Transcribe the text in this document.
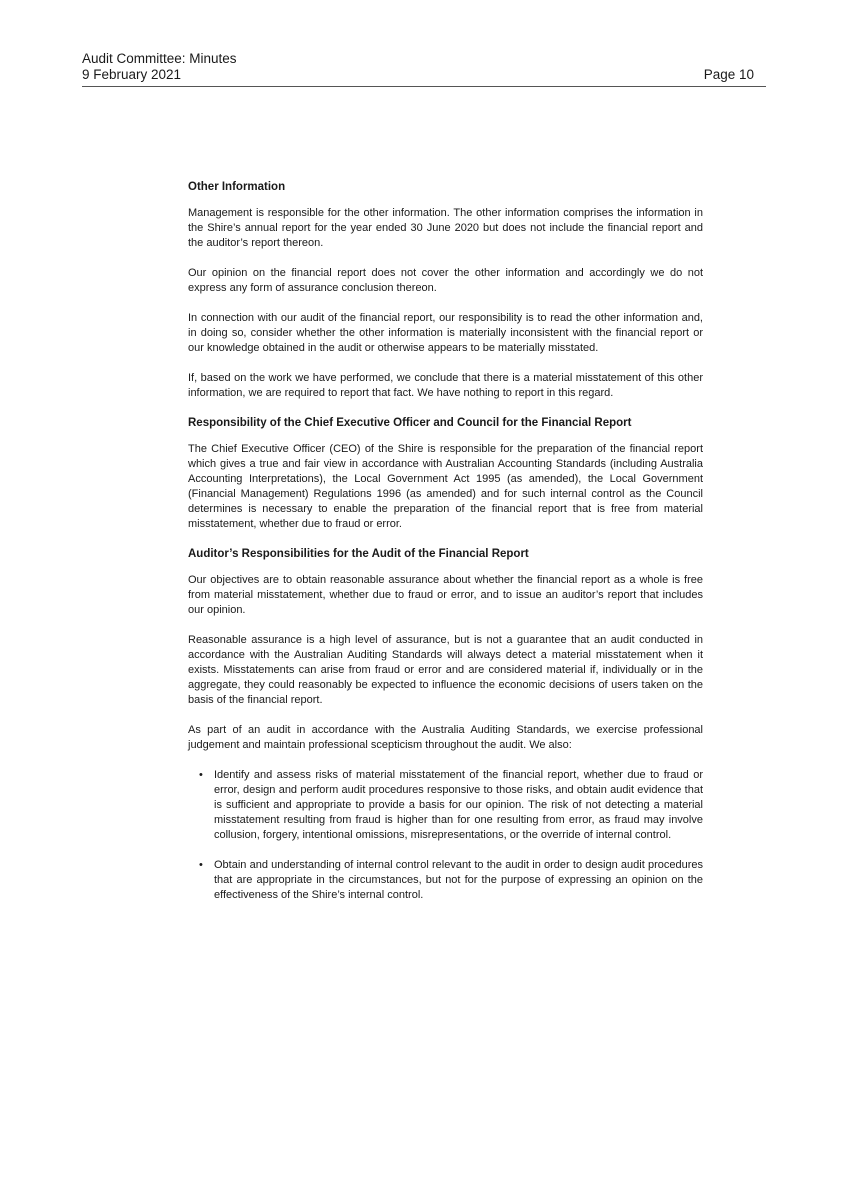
Audit Committee: Minutes
9 February 2021	Page 10
Other Information

Management is responsible for the other information. The other information comprises the information in the Shire’s annual report for the year ended 30 June 2020 but does not include the financial report and the auditor’s report thereon.

Our opinion on the financial report does not cover the other information and accordingly we do not express any form of assurance conclusion thereon.

In connection with our audit of the financial report, our responsibility is to read the other information and, in doing so, consider whether the other information is materially inconsistent with the financial report or our knowledge obtained in the audit or otherwise appears to be materially misstated.

If, based on the work we have performed, we conclude that there is a material misstatement of this other information, we are required to report that fact. We have nothing to report in this regard.

Responsibility of the Chief Executive Officer and Council for the Financial Report

The Chief Executive Officer (CEO) of the Shire is responsible for the preparation of the financial report which gives a true and fair view in accordance with Australian Accounting Standards (including Australia Accounting Interpretations), the Local Government Act 1995 (as amended), the Local Government (Financial Management) Regulations 1996 (as amended) and for such internal control as the Council determines is necessary to enable the preparation of the financial report that is free from material misstatement, whether due to fraud or error.

Auditor’s Responsibilities for the Audit of the Financial Report

Our objectives are to obtain reasonable assurance about whether the financial report as a whole is free from material misstatement, whether due to fraud or error, and to issue an auditor’s report that includes our opinion.

Reasonable assurance is a high level of assurance, but is not a guarantee that an audit conducted in accordance with the Australian Auditing Standards will always detect a material misstatement when it exists. Misstatements can arise from fraud or error and are considered material if, individually or in the aggregate, they could reasonably be expected to influence the economic decisions of users taken on the basis of the financial report.

As part of an audit in accordance with the Australia Auditing Standards, we exercise professional judgement and maintain professional scepticism throughout the audit. We also:

• Identify and assess risks of material misstatement of the financial report, whether due to fraud or error, design and perform audit procedures responsive to those risks, and obtain audit evidence that is sufficient and appropriate to provide a basis for our opinion. The risk of not detecting a material misstatement resulting from fraud is higher than for one resulting from error, as fraud may involve collusion, forgery, intentional omissions, misrepresentations, or the override of internal control.
• Obtain and understanding of internal control relevant to the audit in order to design audit procedures that are appropriate in the circumstances, but not for the purpose of expressing an opinion on the effectiveness of the Shire’s internal control.
